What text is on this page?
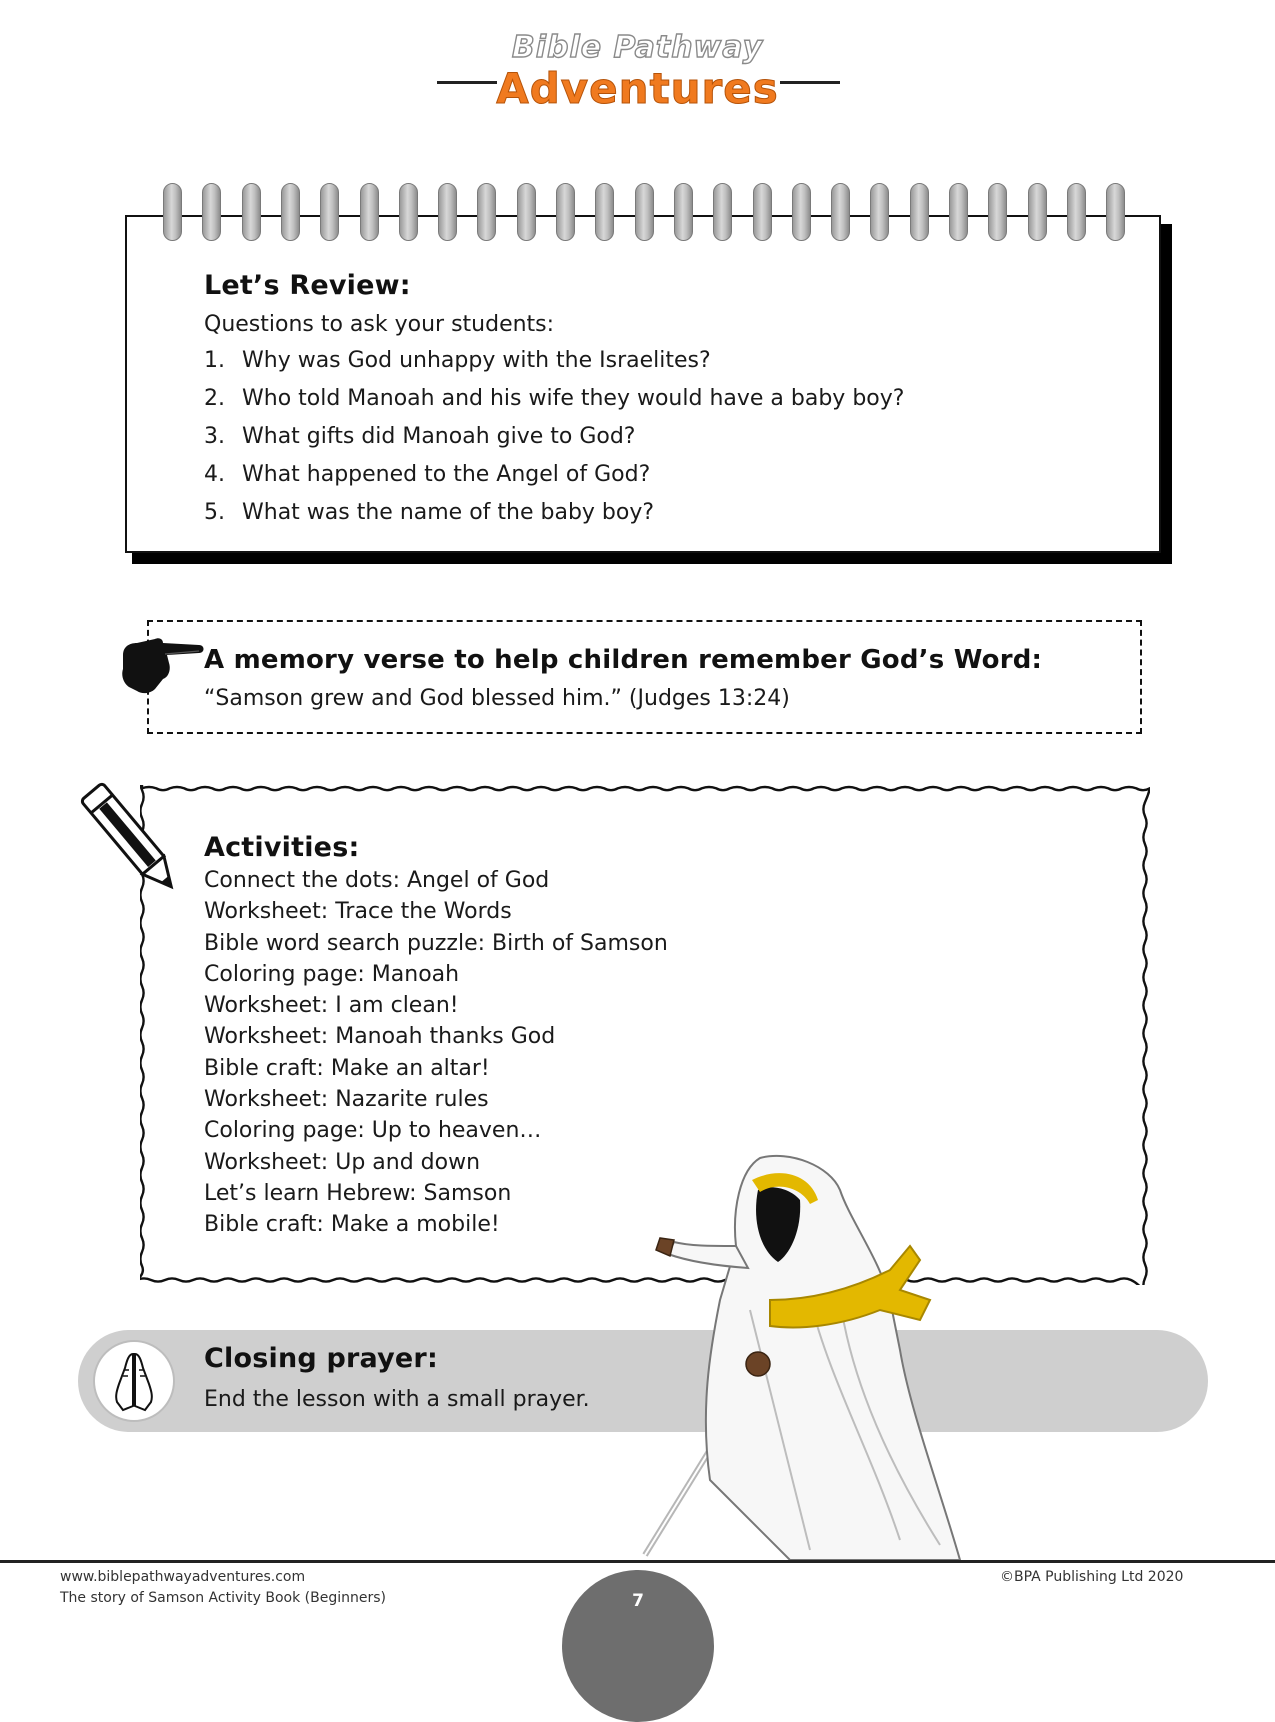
Bible Pathway
Adventures
Let’s Review:
Questions to ask your students:
1. Why was God unhappy with the Israelites?
2. Who told Manoah and his wife they would have a baby boy?
3. What gifts did Manoah give to God?
4. What happened to the Angel of God?
5. What was the name of the baby boy?
A memory verse to help children remember God’s Word:
“Samson grew and God blessed him.” (Judges 13:24)
Activities:
Connect the dots: Angel of God
Worksheet: Trace the Words
Bible word search puzzle: Birth of Samson
Coloring page: Manoah
Worksheet: I am clean!
Worksheet: Manoah thanks God
Bible craft: Make an altar!
Worksheet: Nazarite rules
Coloring page: Up to heaven…
Worksheet: Up and down
Let’s learn Hebrew: Samson
Bible craft: Make a mobile!
Closing prayer:
End the lesson with a small prayer.
7
www.biblepathwayadventures.com
The story of Samson Activity Book (Beginners)
©BPA Publishing Ltd 2020
